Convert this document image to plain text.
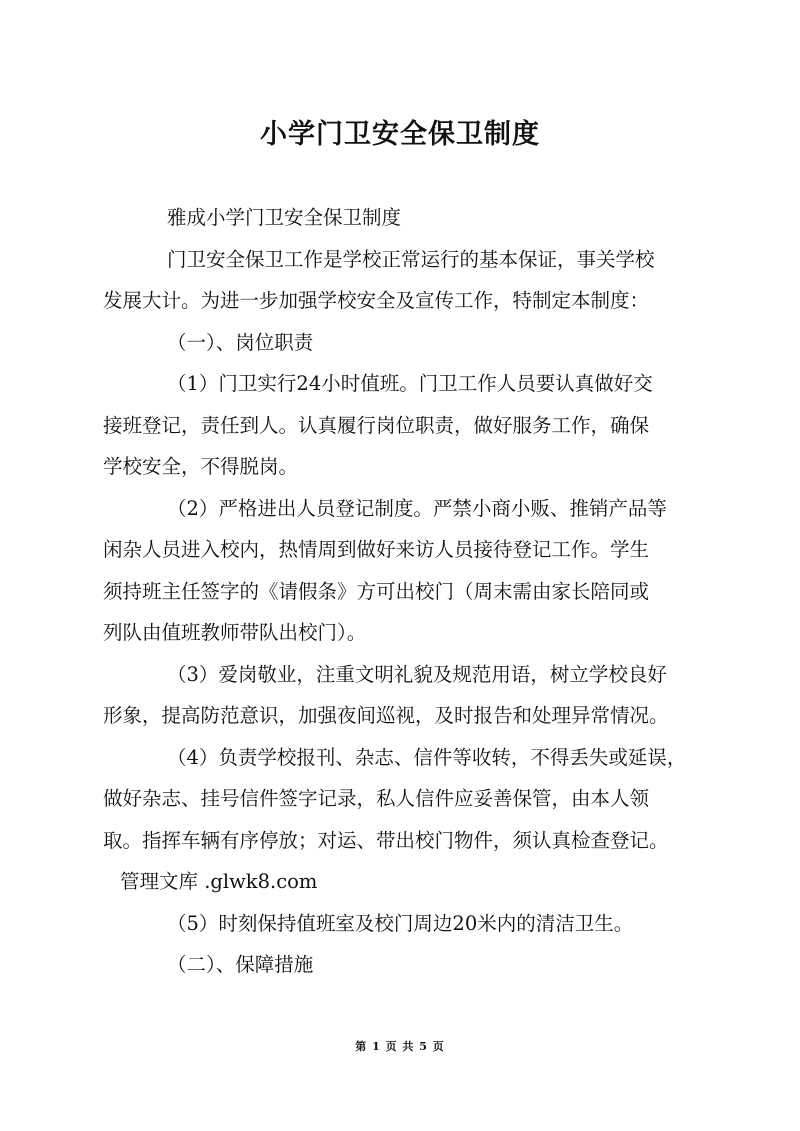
小学门卫安全保卫制度

雅成小学门卫安全保卫制度

门卫安全保卫工作是学校正常运行的基本保证，事关学校

发展大计。为进一步加强学校安全及宣传工作，特制定本制度：

（一）、岗位职责

（1）门卫实行24小时值班。门卫工作人员要认真做好交

接班登记，责任到人。认真履行岗位职责，做好服务工作，确保

学校安全，不得脱岗。

（2）严格进出人员登记制度。严禁小商小贩、推销产品等

闲杂人员进入校内，热情周到做好来访人员接待登记工作。学生

须持班主任签字的《请假条》方可出校门（周末需由家长陪同或

列队由值班教师带队出校门）。

（3）爱岗敬业，注重文明礼貌及规范用语，树立学校良好

形象，提高防范意识，加强夜间巡视，及时报告和处理异常情况。

（4）负责学校报刊、杂志、信件等收转，不得丢失或延误，

做好杂志、挂号信件签字记录，私人信件应妥善保管，由本人领

取。指挥车辆有序停放；对运、带出校门物件，须认真检查登记。

管理文库 .glwk8.com

（5）时刻保持值班室及校门周边20米内的清洁卫生。

（二）、保障措施

第 1 页 共 5 页
